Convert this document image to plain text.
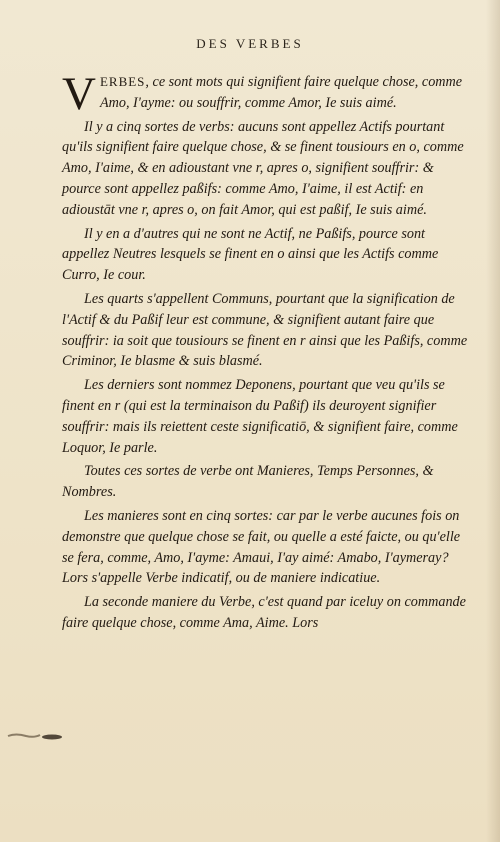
DES VERBES

VERBES, ce sont mots qui signifient faire quelque chose, comme Amo, I'ayme: ou souffrir, comme Amor, Ie suis aimé.

Il y a cinq sortes de verbs: aucuns sont appellez Actifs pourtant qu'ils signifient faire quelque chose, & se finent tousiours en o, comme Amo, I'aime, & en adioustant vne r, apres o, signifient souffrir: & pource sont appellez paßifs: comme Amo, I'aime, il est Actif: en adioustāt vne r, apres o, on fait Amor, qui est paßif, Ie suis aimé.

Il y en a d'autres qui ne sont ne Actif, ne Paßifs, pource sont appellez Neutres lesquels se finent en o ainsi que les Actifs comme Curro, Ie cour.

Les quarts s'appellent Communs, pourtant que la signification de l'Actif & du Paßif leur est commune, & signifient autant faire que souffrir: ia soit que tousiours se finent en r ainsi que les Paßifs, comme Criminor, Ie blasme & suis blasmé.

Les derniers sont nommez Deponens, pourtant que veu qu'ils se finent en r (qui est la terminaison du Paßif) ils deuroyent signifier souffrir: mais ils reiettent ceste significatiō, & signifient faire, comme Loquor, Ie parle.

Toutes ces sortes de verbe ont Manieres, Temps Personnes, & Nombres.

Les manieres sont en cinq sortes: car par le verbe aucunes fois on demonstre que quelque chose se fait, ou quelle a esté faicte, ou qu'elle se fera, comme, Amo, I'ayme: Amaui, I'ay aimé: Amabo, I'aymeray? Lors s'appelle Verbe indicatif, ou de maniere indicatiue.

La seconde maniere du Verbe, c'est quand par iceluy on commande faire quelque chose, comme Ama, Aime. Lors
